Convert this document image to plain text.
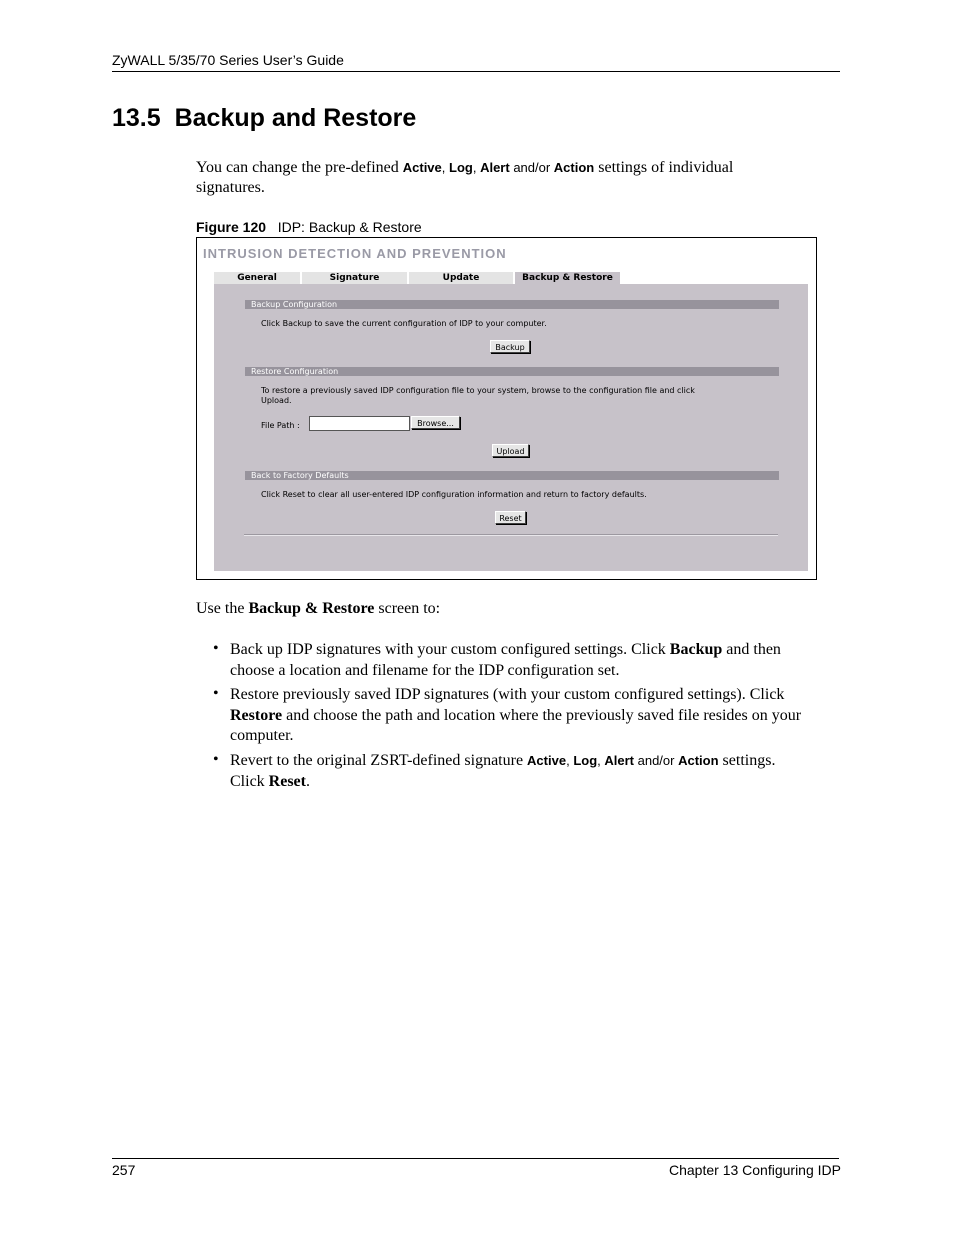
ZyWALL 5/35/70 Series User’s Guide
13.5 Backup and Restore
You can change the pre-defined Active, Log, Alert and/or Action settings of individual
signatures.
Figure 120 IDP: Backup & Restore
INTRUSION DETECTION AND PREVENTION
General	Signature	Update	Backup & Restore
Backup Configuration
Click Backup to save the current configuration of IDP to your computer.
Backup
Restore Configuration
To restore a previously saved IDP configuration file to your system, browse to the configuration file and click
Upload.
File Path :	Browse...
Upload
Back to Factory Defaults
Click Reset to clear all user-entered IDP configuration information and return to factory defaults.
Reset
Use the Backup & Restore screen to:
• Back up IDP signatures with your custom configured settings. Click Backup and then
choose a location and filename for the IDP configuration set.
• Restore previously saved IDP signatures (with your custom configured settings). Click
Restore and choose the path and location where the previously saved file resides on your
computer.
• Revert to the original ZSRT-defined signature Active, Log, Alert and/or Action settings.
Click Reset.
257	Chapter 13 Configuring IDP
